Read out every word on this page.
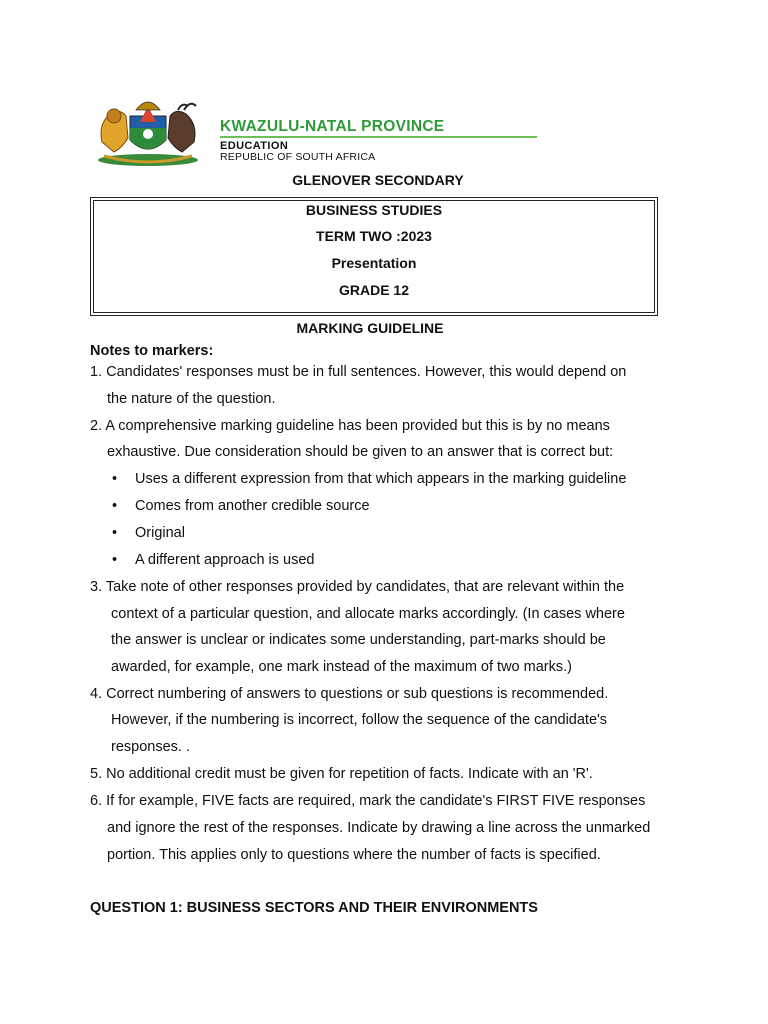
KWAZULU-NATAL PROVINCE
EDUCATION
REPUBLIC OF SOUTH AFRICA
GLENOVER SECONDARY
BUSINESS STUDIES
TERM TWO :2023
Presentation
GRADE 12
MARKING GUIDELINE
Notes to markers:
1. Candidates' responses must be in full sentences. However, this would depend on
the nature of the question.
2. A comprehensive marking guideline has been provided but this is by no means
exhaustive. Due consideration should be given to an answer that is correct but:
• Uses a different expression from that which appears in the marking guideline
• Comes from another credible source
• Original
• A different approach is used
3. Take note of other responses provided by candidates, that are relevant within the
context of a particular question, and allocate marks accordingly. (In cases where
the answer is unclear or indicates some understanding, part-marks should be
awarded, for example, one mark instead of the maximum of two marks.)
4. Correct numbering of answers to questions or sub questions is recommended.
However, if the numbering is incorrect, follow the sequence of the candidate's
responses. .
5. No additional credit must be given for repetition of facts. Indicate with an 'R'.
6. If for example, FIVE facts are required, mark the candidate's FIRST FIVE responses
and ignore the rest of the responses. Indicate by drawing a line across the unmarked
portion. This applies only to questions where the number of facts is specified.
QUESTION 1: BUSINESS SECTORS AND THEIR ENVIRONMENTS
